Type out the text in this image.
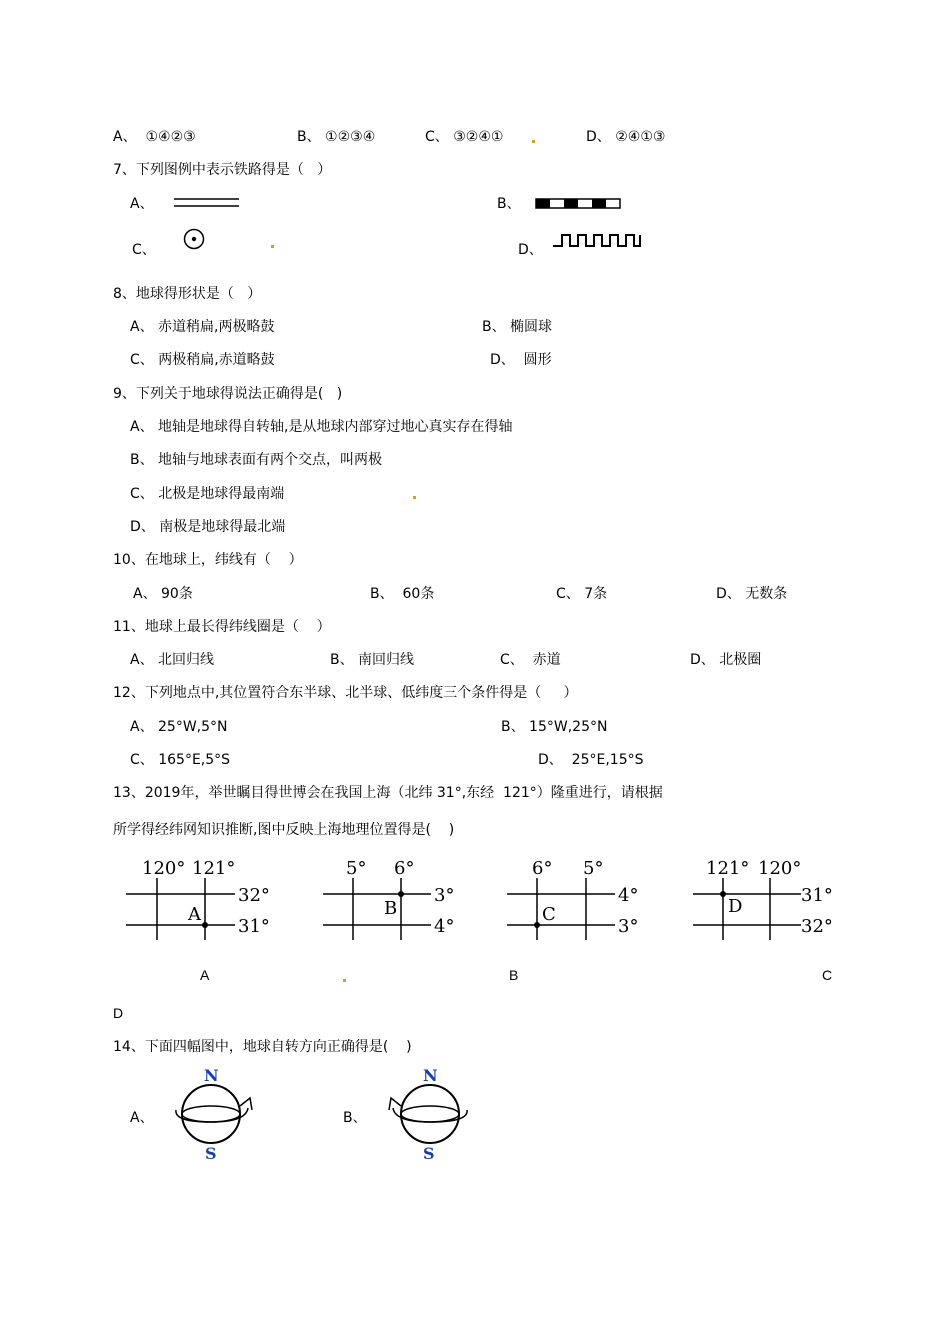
A、  ①④②③	B、 ①②③④	C、 ③②④①	D、 ②④①③
7、下列图例中表示铁路得是（   ）
A、	B、
C、	D、
8、地球得形状是（   ）
A、 赤道稍扁,两极略鼓	B、 椭圆球
C、 两极稍扁,赤道略鼓	D、  圆形
9、下列关于地球得说法正确得是(   )
A、 地轴是地球得自转轴,是从地球内部穿过地心真实存在得轴
B、 地轴与地球表面有两个交点，叫两极
C、 北极是地球得最南端
D、 南极是地球得最北端
10、在地球上，纬线有（    ）
A、 90条	B、  60条	C、 7条	D、 无数条
11、地球上最长得纬线圈是（    ）
A、 北回归线	B、 南回归线	C、  赤道	D、 北极圈
12、下列地点中,其位置符合东半球、北半球、低纬度三个条件得是（     ）
A、 25°W,5°N	B、 15°W,25°N
C、 165°E,5°S	D、  25°E,15°S
13、2019年，举世瞩目得世博会在我国上海（北纬 31°,东经  121°）隆重进行，请根据
所学得经纬网知识推断,图中反映上海地理位置得是(    )
120° 121°
32°
31°
A
5° 6°
3°
4°
B
6° 5°
4°
3°
C
121° 120°
31°
32°
D
A	B	C
D
14、下面四幅图中，地球自转方向正确得是(    )
A、
N
S
B、
N
S
